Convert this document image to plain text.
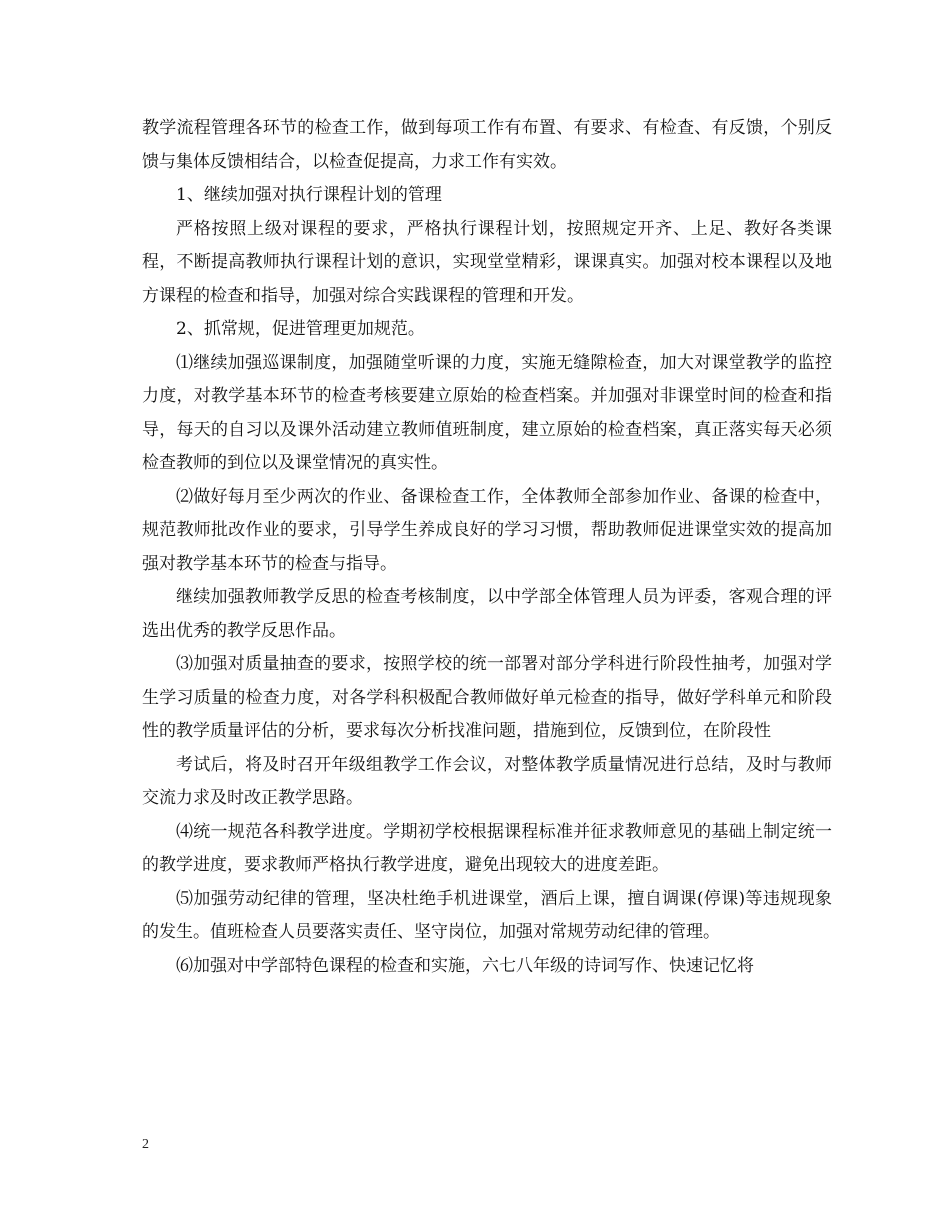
教学流程管理各环节的检查工作，做到每项工作有布置、有要求、有检查、有反馈，个别反馈与集体反馈相结合，以检查促提高，力求工作有实效。

1、继续加强对执行课程计划的管理

严格按照上级对课程的要求，严格执行课程计划，按照规定开齐、上足、教好各类课程，不断提高教师执行课程计划的意识，实现堂堂精彩，课课真实。加强对校本课程以及地方课程的检查和指导，加强对综合实践课程的管理和开发。

2、抓常规，促进管理更加规范。

⑴继续加强巡课制度，加强随堂听课的力度，实施无缝隙检查，加大对课堂教学的监控力度，对教学基本环节的检查考核要建立原始的检查档案。并加强对非课堂时间的检查和指导，每天的自习以及课外活动建立教师值班制度，建立原始的检查档案，真正落实每天必须检查教师的到位以及课堂情况的真实性。

⑵做好每月至少两次的作业、备课检查工作，全体教师全部参加作业、备课的检查中，规范教师批改作业的要求，引导学生养成良好的学习习惯，帮助教师促进课堂实效的提高加强对教学基本环节的检查与指导。

继续加强教师教学反思的检查考核制度，以中学部全体管理人员为评委，客观合理的评选出优秀的教学反思作品。

⑶加强对质量抽查的要求，按照学校的统一部署对部分学科进行阶段性抽考，加强对学生学习质量的检查力度，对各学科积极配合教师做好单元检查的指导，做好学科单元和阶段性的教学质量评估的分析，要求每次分析找准问题，措施到位，反馈到位，在阶段性

考试后，将及时召开年级组教学工作会议，对整体教学质量情况进行总结，及时与教师交流力求及时改正教学思路。

⑷统一规范各科教学进度。学期初学校根据课程标准并征求教师意见的基础上制定统一的教学进度，要求教师严格执行教学进度，避免出现较大的进度差距。

⑸加强劳动纪律的管理，坚决杜绝手机进课堂，酒后上课，擅自调课(停课)等违规现象的发生。值班检查人员要落实责任、坚守岗位，加强对常规劳动纪律的管理。

⑹加强对中学部特色课程的检查和实施，六七八年级的诗词写作、快速记忆将

2
